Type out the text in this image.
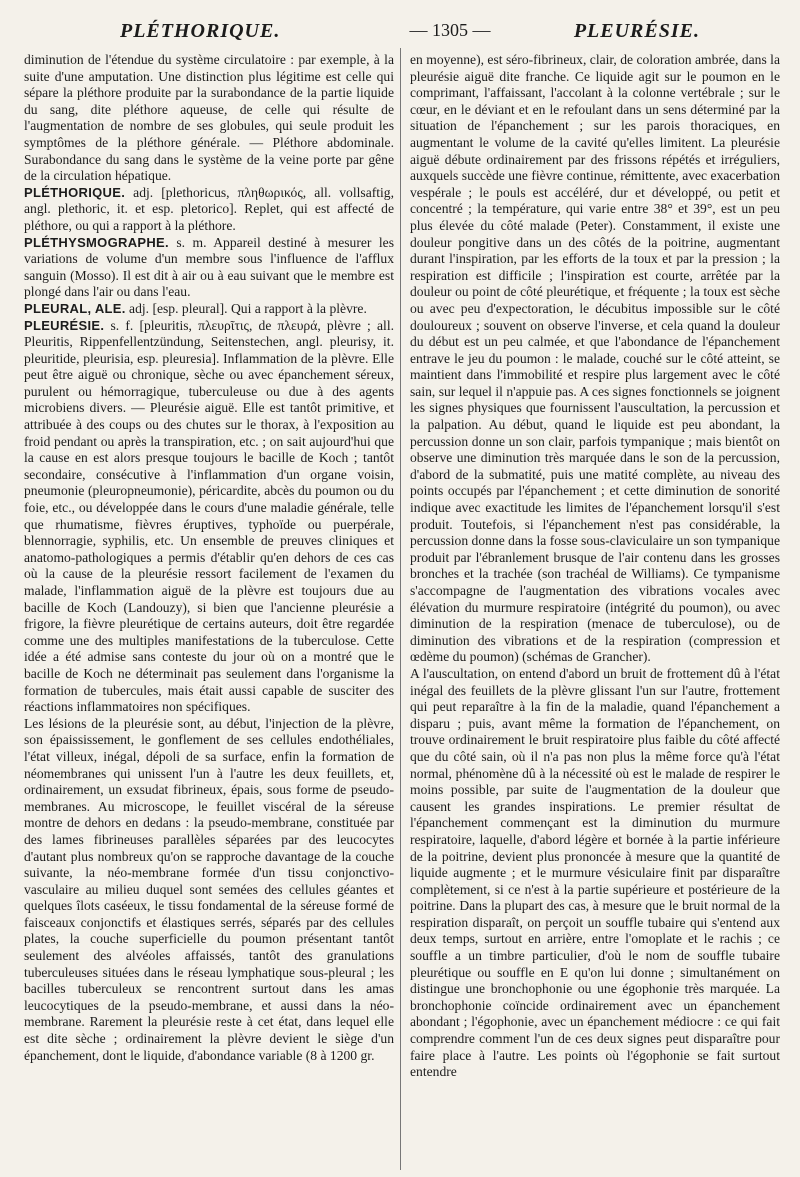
PLÉTHORIQUE.	— 1305 —	PLEURÉSIE.

diminution de l'étendue du système circulatoire : par exemple, à la suite d'une amputation. Une distinction plus légitime est celle qui sépare la pléthore produite par la surabondance de la partie liquide du sang, dite pléthore aqueuse, de celle qui résulte de l'augmentation de nombre de ses globules, qui seule produit les symptômes de la pléthore générale. — Pléthore abdominale. Surabondance du sang dans le système de la veine porte par gêne de la circulation hépatique.

PLÉTHORIQUE. adj. [plethoricus, πληθωρικός, all. vollsaftig, angl. plethoric, it. et esp. pletorico]. Replet, qui est affecté de pléthore, ou qui a rapport à la pléthore.

PLÉTHYSMOGRAPHE. s. m. Appareil destiné à mesurer les variations de volume d'un membre sous l'influence de l'afflux sanguin (Mosso). Il est dit à air ou à eau suivant que le membre est plongé dans l'air ou dans l'eau.

PLEURAL, ALE. adj. [esp. pleural]. Qui a rapport à la plèvre.

PLEURÉSIE. s. f. [pleuritis, πλευρῖτις, de πλευρά, plèvre ; all. Pleuritis, Rippenfellentzündung, Seitenstechen, angl. pleurisy, it. pleuritide, pleurisia, esp. pleuresia]. Inflammation de la plèvre. Elle peut être aiguë ou chronique, sèche ou avec épanchement séreux, purulent ou hémorragique, tuberculeuse ou due à des agents microbiens divers. — Pleurésie aiguë. Elle est tantôt primitive, et attribuée à des coups ou des chutes sur le thorax, à l'exposition au froid pendant ou après la transpiration, etc. ; on sait aujourd'hui que la cause en est alors presque toujours le bacille de Koch ; tantôt secondaire, consécutive à l'inflammation d'un organe voisin, pneumonie (pleuropneumonie), péricardite, abcès du poumon ou du foie, etc., ou développée dans le cours d'une maladie générale, telle que rhumatisme, fièvres éruptives, typhoïde ou puerpérale, blennorragie, syphilis, etc. Un ensemble de preuves cliniques et anatomo-pathologiques a permis d'établir qu'en dehors de ces cas où la cause de la pleurésie ressort facilement de l'examen du malade, l'inflammation aiguë de la plèvre est toujours due au bacille de Koch (Landouzy), si bien que l'ancienne pleurésie a frigore, la fièvre pleurétique de certains auteurs, doit être regardée comme une des multiples manifestations de la tuberculose. Cette idée a été admise sans conteste du jour où on a montré que le bacille de Koch ne déterminait pas seulement dans l'organisme la formation de tubercules, mais était aussi capable de susciter des réactions inflammatoires non spécifiques.

Les lésions de la pleurésie sont, au début, l'injection de la plèvre, son épaississement, le gonflement de ses cellules endothéliales, l'état villeux, inégal, dépoli de sa surface, enfin la formation de néomembranes qui unissent l'un à l'autre les deux feuillets, et, ordinairement, un exsudat fibrineux, épais, sous forme de pseudo-membranes. Au microscope, le feuillet viscéral de la séreuse montre de dehors en dedans : la pseudo-membrane, constituée par des lames fibrineuses parallèles séparées par des leucocytes d'autant plus nombreux qu'on se rapproche davantage de la couche suivante, la néo-membrane formée d'un tissu conjonctivo-vasculaire au milieu duquel sont semées des cellules géantes et quelques îlots caséeux, le tissu fondamental de la séreuse formé de faisceaux conjonctifs et élastiques serrés, séparés par des cellules plates, la couche superficielle du poumon présentant tantôt seulement des alvéoles affaissés, tantôt des granulations tuberculeuses situées dans le réseau lymphatique sous-pleural ; les bacilles tuberculeux se rencontrent surtout dans les amas leucocytiques de la pseudo-membrane, et aussi dans la néo-membrane. Rarement la pleurésie reste à cet état, dans lequel elle est dite sèche ; ordinairement la plèvre devient le siège d'un épanchement, dont le liquide, d'abondance variable (8 à 1200 gr.

en moyenne), est séro-fibrineux, clair, de coloration ambrée, dans la pleurésie aiguë dite franche. Ce liquide agit sur le poumon en le comprimant, l'affaissant, l'accolant à la colonne vertébrale ; sur le cœur, en le déviant et en le refoulant dans un sens déterminé par la situation de l'épanchement ; sur les parois thoraciques, en augmentant le volume de la cavité qu'elles limitent. La pleurésie aiguë débute ordinairement par des frissons répétés et irréguliers, auxquels succède une fièvre continue, rémittente, avec exacerbation vespérale ; le pouls est accéléré, dur et développé, ou petit et concentré ; la température, qui varie entre 38° et 39°, est un peu plus élevée du côté malade (Peter). Constamment, il existe une douleur pongitive dans un des côtés de la poitrine, augmentant durant l'inspiration, par les efforts de la toux et par la pression ; la respiration est difficile ; l'inspiration est courte, arrêtée par la douleur ou point de côté pleurétique, et fréquente ; la toux est sèche ou avec peu d'expectoration, le décubitus impossible sur le côté douloureux ; souvent on observe l'inverse, et cela quand la douleur du début est un peu calmée, et que l'abondance de l'épanchement entrave le jeu du poumon : le malade, couché sur le côté atteint, se maintient dans l'immobilité et respire plus largement avec le côté sain, sur lequel il n'appuie pas. A ces signes fonctionnels se joignent les signes physiques que fournissent l'auscultation, la percussion et la palpation. Au début, quand le liquide est peu abondant, la percussion donne un son clair, parfois tympanique ; mais bientôt on observe une diminution très marquée dans le son de la percussion, d'abord de la submatité, puis une matité complète, au niveau des points occupés par l'épanchement ; et cette diminution de sonorité indique avec exactitude les limites de l'épanchement lorsqu'il s'est produit. Toutefois, si l'épanchement n'est pas considérable, la percussion donne dans la fosse sous-claviculaire un son tympanique produit par l'ébranlement brusque de l'air contenu dans les grosses bronches et la trachée (son trachéal de Williams). Ce tympanisme s'accompagne de l'augmentation des vibrations vocales avec élévation du murmure respiratoire (intégrité du poumon), ou avec diminution de la respiration (menace de tuberculose), ou de diminution des vibrations et de la respiration (compression et œdème du poumon) (schémas de Grancher).

A l'auscultation, on entend d'abord un bruit de frottement dû à l'état inégal des feuillets de la plèvre glissant l'un sur l'autre, frottement qui peut reparaître à la fin de la maladie, quand l'épanchement a disparu ; puis, avant même la formation de l'épanchement, on trouve ordinairement le bruit respiratoire plus faible du côté affecté que du côté sain, où il n'a pas non plus la même force qu'à l'état normal, phénomène dû à la nécessité où est le malade de respirer le moins possible, par suite de l'augmentation de la douleur que causent les grandes inspirations. Le premier résultat de l'épanchement commençant est la diminution du murmure respiratoire, laquelle, d'abord légère et bornée à la partie inférieure de la poitrine, devient plus prononcée à mesure que la quantité de liquide augmente ; et le murmure vésiculaire finit par disparaître complètement, si ce n'est à la partie supérieure et postérieure de la poitrine. Dans la plupart des cas, à mesure que le bruit normal de la respiration disparaît, on perçoit un souffle tubaire qui s'entend aux deux temps, surtout en arrière, entre l'omoplate et le rachis ; ce souffle a un timbre particulier, d'où le nom de souffle tubaire pleurétique ou souffle en E qu'on lui donne ; simultanément on distingue une bronchophonie ou une égophonie très marquée. La bronchophonie coïncide ordinairement avec un épanchement abondant ; l'égophonie, avec un épanchement médiocre : ce qui fait comprendre comment l'un de ces deux signes peut disparaître pour faire place à l'autre. Les points où l'égophonie se fait surtout entendre
